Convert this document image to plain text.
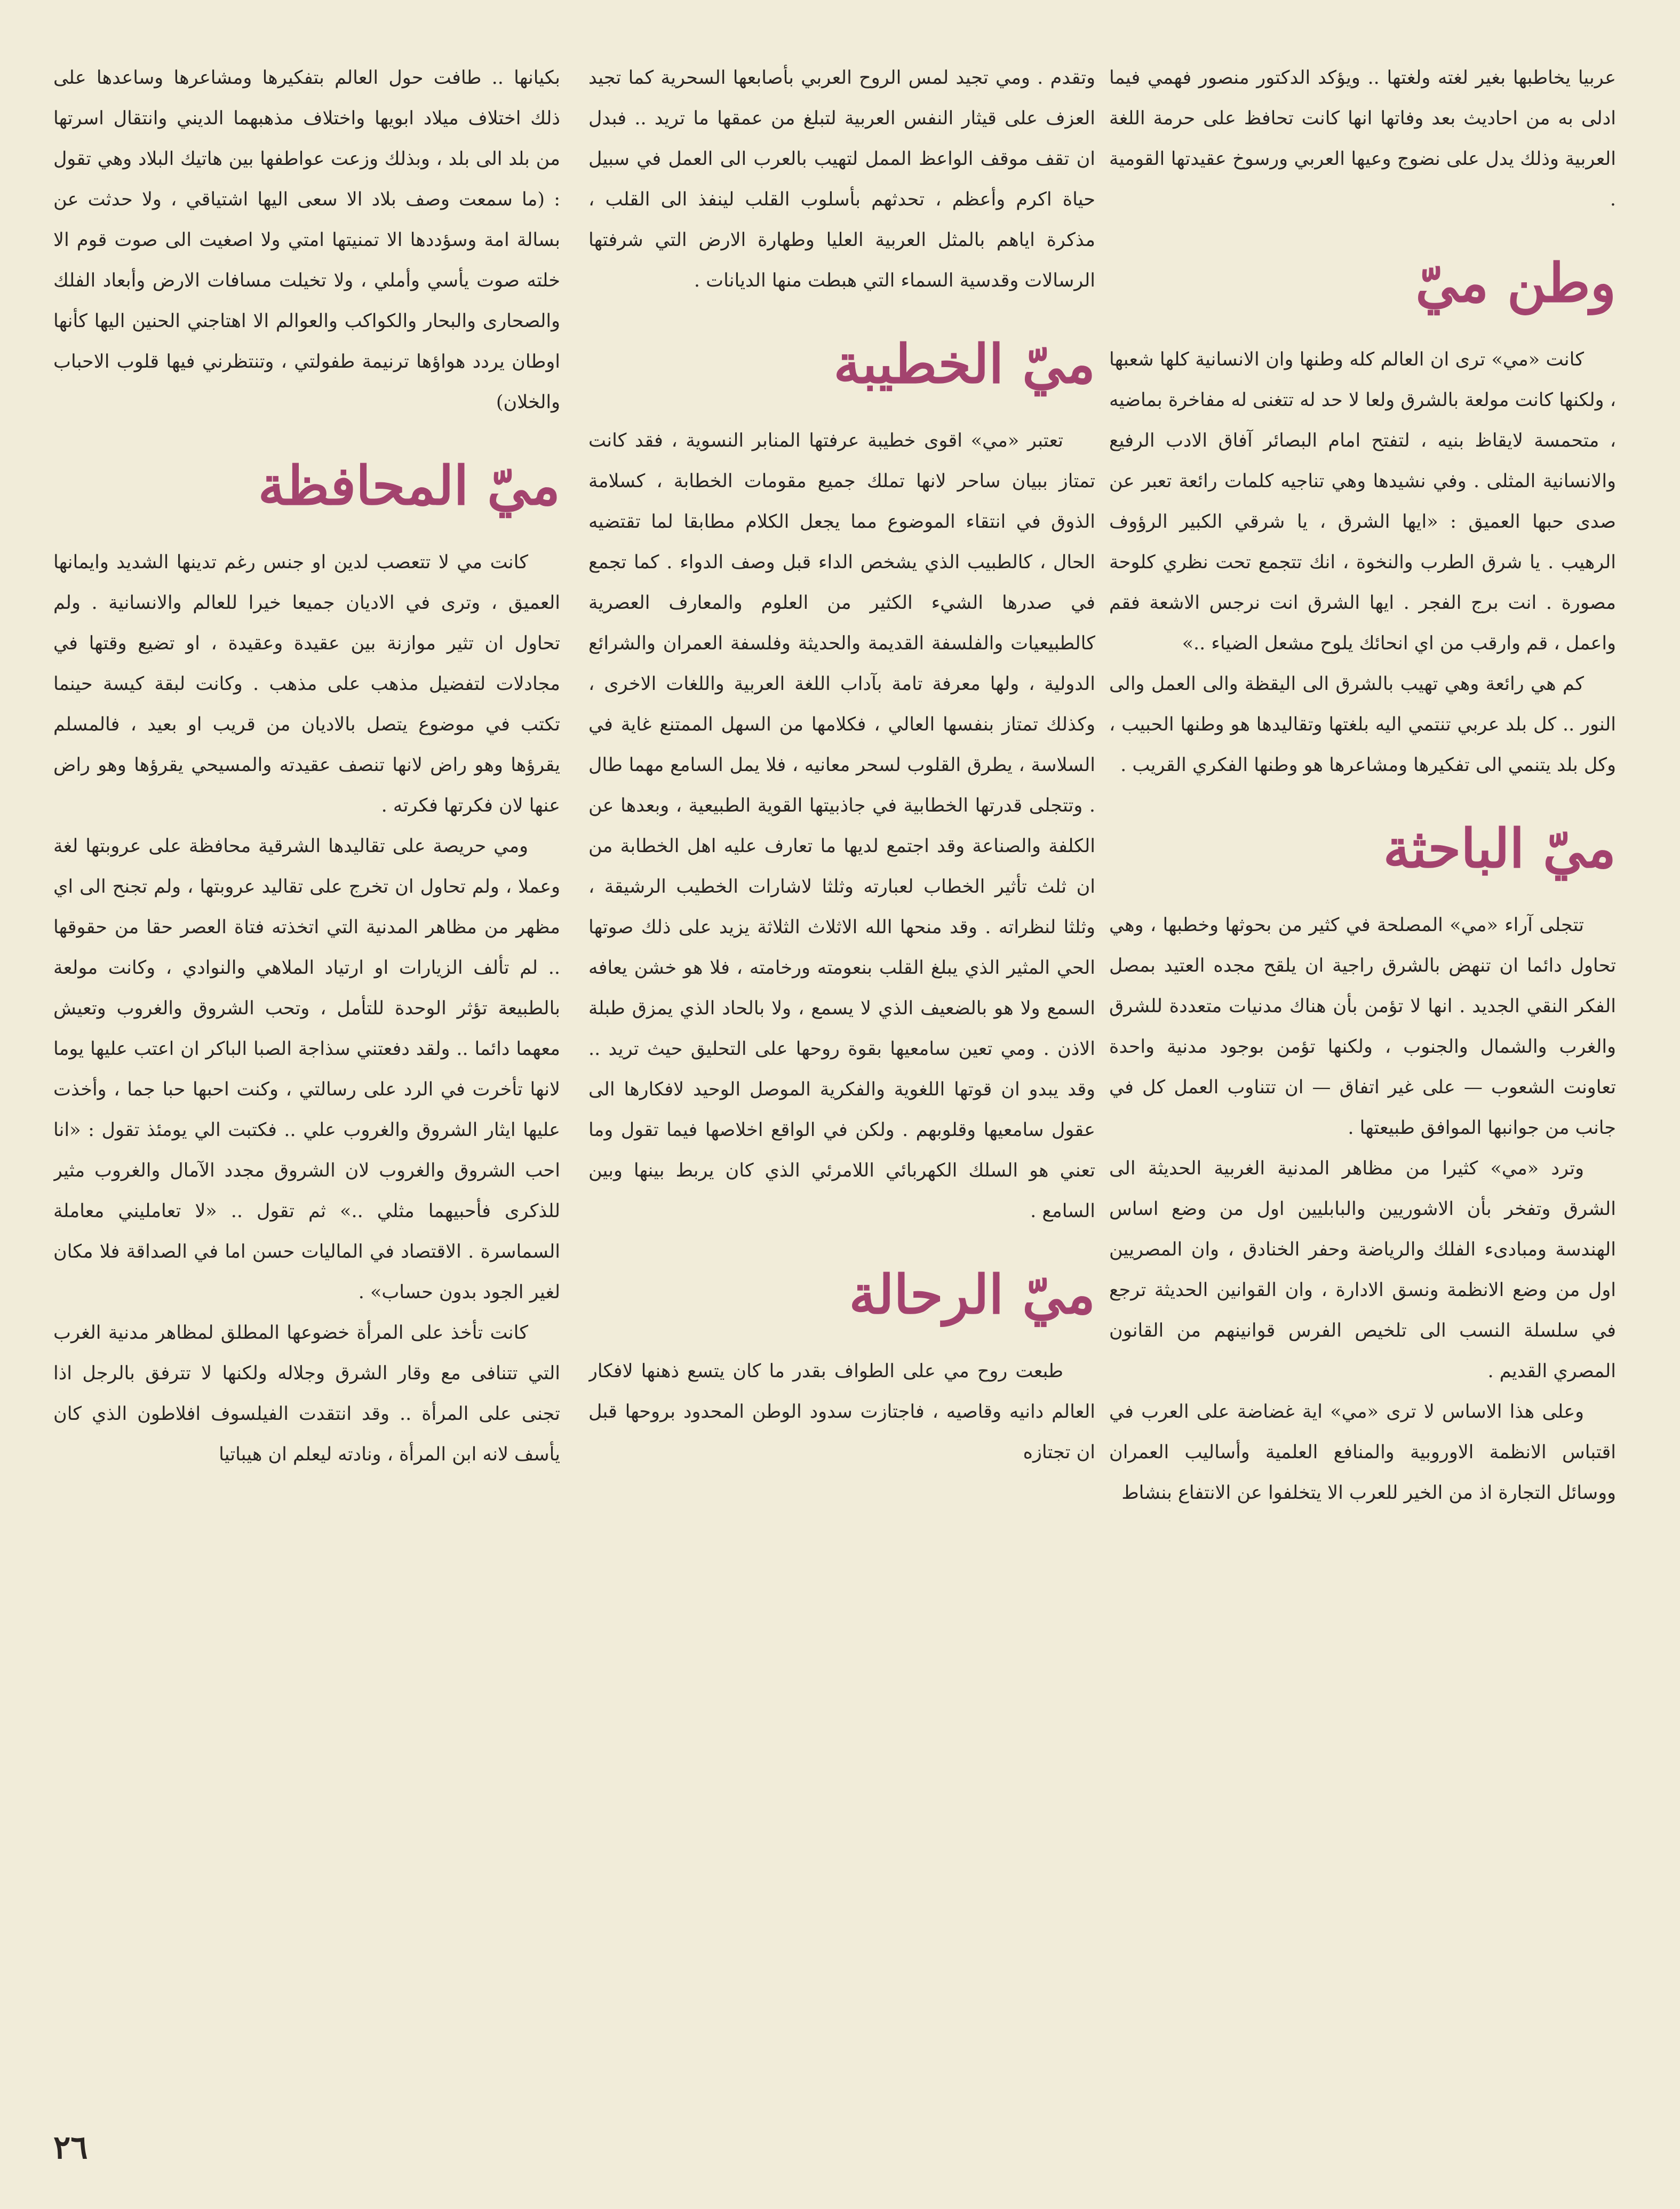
عربيا يخاطبها بغير لغته ولغتها .. ويؤكد الدكتور منصور فهمي فيما ادلى به من احاديث بعد وفاتها انها كانت تحافظ على حرمة اللغة العربية وذلك يدل على نضوج وعيها العربي ورسوخ عقيدتها القومية .

وطن ميّ

كانت «مي» ترى ان العالم كله وطنها وان الانسانية كلها شعبها ، ولكنها كانت مولعة بالشرق ولعا لا حد له تتغنى له مفاخرة بماضيه ، متحمسة لايقاظ بنيه ، لتفتح امام البصائر آفاق الادب الرفيع والانسانية المثلى . وفي نشيدها وهي تناجيه كلمات رائعة تعبر عن صدى حبها العميق : «ايها الشرق ، يا شرقي الكبير الرؤوف الرهيب . يا شرق الطرب والنخوة ، انك تتجمع تحت نظري كلوحة مصورة . انت برج الفجر . ايها الشرق انت نرجس الاشعة فقم واعمل ، قم وارقب من اي انحائك يلوح مشعل الضياء ..»

كم هي رائعة وهي تهيب بالشرق الى اليقظة والى العمل والى النور .. كل بلد عربي تنتمي اليه بلغتها وتقاليدها هو وطنها الحبيب ، وكل بلد يتنمي الى تفكيرها ومشاعرها هو وطنها الفكري القريب .

ميّ الباحثة

تتجلى آراء «مي» المصلحة في كثير من بحوثها وخطبها ، وهي تحاول دائما ان تنهض بالشرق راجية ان يلقح مجده العتيد بمصل الفكر النقي الجديد . انها لا تؤمن بأن هناك مدنيات متعددة للشرق والغرب والشمال والجنوب ، ولكنها تؤمن بوجود مدنية واحدة تعاونت الشعوب — على غير اتفاق — ان تتناوب العمل كل في جانب من جوانبها الموافق طبيعتها .

وترد «مي» كثيرا من مظاهر المدنية الغربية الحديثة الى الشرق وتفخر بأن الاشوريين والبابليين اول من وضع اساس الهندسة ومبادىء الفلك والرياضة وحفر الخنادق ، وان المصريين اول من وضع الانظمة ونسق الادارة ، وان القوانين الحديثة ترجع في سلسلة النسب الى تلخيص الفرس قوانينهم من القانون المصري القديم .

وعلى هذا الاساس لا ترى «مي» اية غضاضة على العرب في اقتباس الانظمة الاوروبية والمنافع العلمية وأساليب العمران ووسائل التجارة اذ من الخير للعرب الا يتخلفوا عن الانتفاع بنشاط

وتقدم . ومي تجيد لمس الروح العربي بأصابعها السحرية كما تجيد العزف على قيثار النفس العربية لتبلغ من عمقها ما تريد .. فبدل ان تقف موقف الواعظ الممل لتهيب بالعرب الى العمل في سبيل حياة اكرم وأعظم ، تحدثهم بأسلوب القلب لينفذ الى القلب ، مذكرة اياهم بالمثل العربية العليا وطهارة الارض التي شرفتها الرسالات وقدسية السماء التي هبطت منها الديانات .

ميّ الخطيبة

تعتبر «مي» اقوى خطيبة عرفتها المنابر النسوية ، فقد كانت تمتاز ببيان ساحر لانها تملك جميع مقومات الخطابة ، كسلامة الذوق في انتقاء الموضوع مما يجعل الكلام مطابقا لما تقتضيه الحال ، كالطبيب الذي يشخص الداء قبل وصف الدواء . كما تجمع في صدرها الشيء الكثير من العلوم والمعارف العصرية كالطبيعيات والفلسفة القديمة والحديثة وفلسفة العمران والشرائع الدولية ، ولها معرفة تامة بآداب اللغة العربية واللغات الاخرى ، وكذلك تمتاز بنفسها العالي ، فكلامها من السهل الممتنع غاية في السلاسة ، يطرق القلوب لسحر معانيه ، فلا يمل السامع مهما طال . وتتجلى قدرتها الخطابية في جاذبيتها القوية الطبيعية ، وبعدها عن الكلفة والصناعة وقد اجتمع لديها ما تعارف عليه اهل الخطابة من ان ثلث تأثير الخطاب لعبارته وثلثا لاشارات الخطيب الرشيقة ، وثلثا لنظراته . وقد منحها الله الاثلاث الثلاثة يزيد على ذلك صوتها الحي المثير الذي يبلغ القلب بنعومته ورخامته ، فلا هو خشن يعافه السمع ولا هو بالضعيف الذي لا يسمع ، ولا بالحاد الذي يمزق طبلة الاذن . ومي تعين سامعيها بقوة روحها على التحليق حيث تريد .. وقد يبدو ان قوتها اللغوية والفكرية الموصل الوحيد لافكارها الى عقول سامعيها وقلوبهم . ولكن في الواقع اخلاصها فيما تقول وما تعني هو السلك الكهربائي اللامرئي الذي كان يربط بينها وبين السامع .

ميّ الرحالة

طبعت روح مي على الطواف بقدر ما كان يتسع ذهنها لافكار العالم دانيه وقاصيه ، فاجتازت سدود الوطن المحدود بروحها قبل ان تجتازه

بكيانها .. طافت حول العالم بتفكيرها ومشاعرها وساعدها على ذلك اختلاف ميلاد ابويها واختلاف مذهبهما الديني وانتقال اسرتها من بلد الى بلد ، وبذلك وزعت عواطفها بين هاتيك البلاد وهي تقول : (ما سمعت وصف بلاد الا سعى اليها اشتياقي ، ولا حدثت عن بسالة امة وسؤددها الا تمنيتها امتي ولا اصغيت الى صوت قوم الا خلته صوت يأسي وأملي ، ولا تخيلت مسافات الارض وأبعاد الفلك والصحارى والبحار والكواكب والعوالم الا اهتاجني الحنين اليها كأنها اوطان يردد هواؤها ترنيمة طفولتي ، وتنتظرني فيها قلوب الاحباب والخلان)

ميّ المحافظة

كانت مي لا تتعصب لدين او جنس رغم تدينها الشديد وايمانها العميق ، وترى في الاديان جميعا خيرا للعالم والانسانية . ولم تحاول ان تثير موازنة بين عقيدة وعقيدة ، او تضيع وقتها في مجادلات لتفضيل مذهب على مذهب . وكانت لبقة كيسة حينما تكتب في موضوع يتصل بالاديان من قريب او بعيد ، فالمسلم يقرؤها وهو راض لانها تنصف عقيدته والمسيحي يقرؤها وهو راض عنها لان فكرتها فكرته .

ومي حريصة على تقاليدها الشرقية محافظة على عروبتها لغة وعملا ، ولم تحاول ان تخرج على تقاليد عروبتها ، ولم تجنح الى اي مظهر من مظاهر المدنية التي اتخذته فتاة العصر حقا من حقوقها .. لم تألف الزيارات او ارتياد الملاهي والنوادي ، وكانت مولعة بالطبيعة تؤثر الوحدة للتأمل ، وتحب الشروق والغروب وتعيش معهما دائما .. ولقد دفعتني سذاجة الصبا الباكر ان اعتب عليها يوما لانها تأخرت في الرد على رسالتي ، وكنت احبها حبا جما ، وأخذت عليها ايثار الشروق والغروب علي .. فكتبت الي يومئذ تقول : «انا احب الشروق والغروب لان الشروق مجدد الآمال والغروب مثير للذكرى فأحبيهما مثلي ..» ثم تقول .. «لا تعامليني معاملة السماسرة . الاقتصاد في الماليات حسن اما في الصداقة فلا مكان لغير الجود بدون حساب» .

كانت تأخذ على المرأة خضوعها المطلق لمظاهر مدنية الغرب التي تتنافى مع وقار الشرق وجلاله ولكنها لا تترفق بالرجل اذا تجنى على المرأة .. وقد انتقدت الفيلسوف افلاطون الذي كان يأسف لانه ابن المرأة ، ونادته ليعلم ان هيباتيا

٢٦
